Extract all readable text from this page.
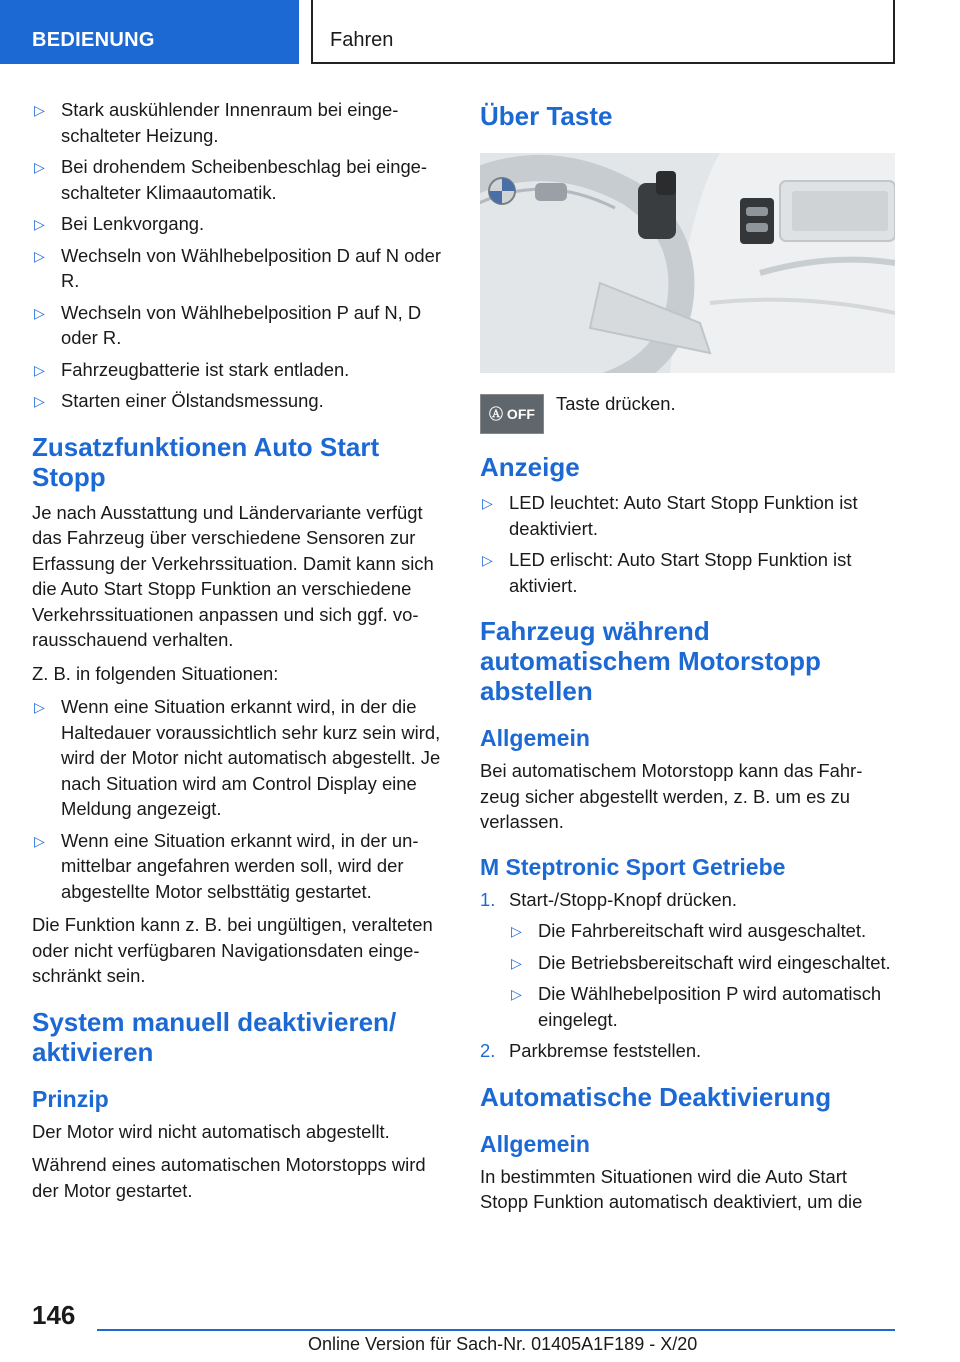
BEDIENUNG	Fahren
▷ Stark auskühlender Innenraum bei eingeschalteter Heizung.
▷ Bei drohendem Scheibenbeschlag bei eingeschalteter Klimaautomatik.
▷ Bei Lenkvorgang.
▷ Wechseln von Wählhebelposition D auf N oder R.
▷ Wechseln von Wählhebelposition P auf N, D oder R.
▷ Fahrzeugbatterie ist stark entladen.
▷ Starten einer Ölstandsmessung.
Zusatzfunktionen Auto Start Stopp

Je nach Ausstattung und Ländervariante verfügt das Fahrzeug über verschiedene Sensoren zur Erfassung der Verkehrssituation. Damit kann sich die Auto Start Stopp Funktion an verschiedene Verkehrssituationen anpassen und sich ggf. vorausschauend verhalten.

Z. B. in folgenden Situationen:

▷ Wenn eine Situation erkannt wird, in der die Haltedauer voraussichtlich sehr kurz sein wird, wird der Motor nicht automatisch abgestellt. Je nach Situation wird am Control Display eine Meldung angezeigt.
▷ Wenn eine Situation erkannt wird, in der unmittelbar angefahren werden soll, wird der abgestellte Motor selbsttätig gestartet.

Die Funktion kann z. B. bei ungültigen, veralteten oder nicht verfügbaren Navigationsdaten eingeschränkt sein.

System manuell deaktivieren/ aktivieren
Prinzip

Der Motor wird nicht automatisch abgestellt.

Während eines automatischen Motorstopps wird der Motor gestartet.

Über Taste
Ⓐ OFF	Taste drücken.
Anzeige
▷ LED leuchtet: Auto Start Stopp Funktion ist deaktiviert.
▷ LED erlischt: Auto Start Stopp Funktion ist aktiviert.
Fahrzeug während automatischem Motorstopp abstellen
Allgemein

Bei automatischem Motorstopp kann das Fahrzeug sicher abgestellt werden, z. B. um es zu verlassen.

M Steptronic Sport Getriebe
1. Start-/Stopp-Knopf drücken.
▷ Die Fahrbereitschaft wird ausgeschaltet.
▷ Die Betriebsbereitschaft wird eingeschaltet.
▷ Die Wählhebelposition P wird automatisch eingelegt.
2. Parkbremse feststellen.
Automatische Deaktivierung
Allgemein

In bestimmten Situationen wird die Auto Start Stopp Funktion automatisch deaktiviert, um die

146
Online Version für Sach-Nr. 01405A1F189 - X/20
